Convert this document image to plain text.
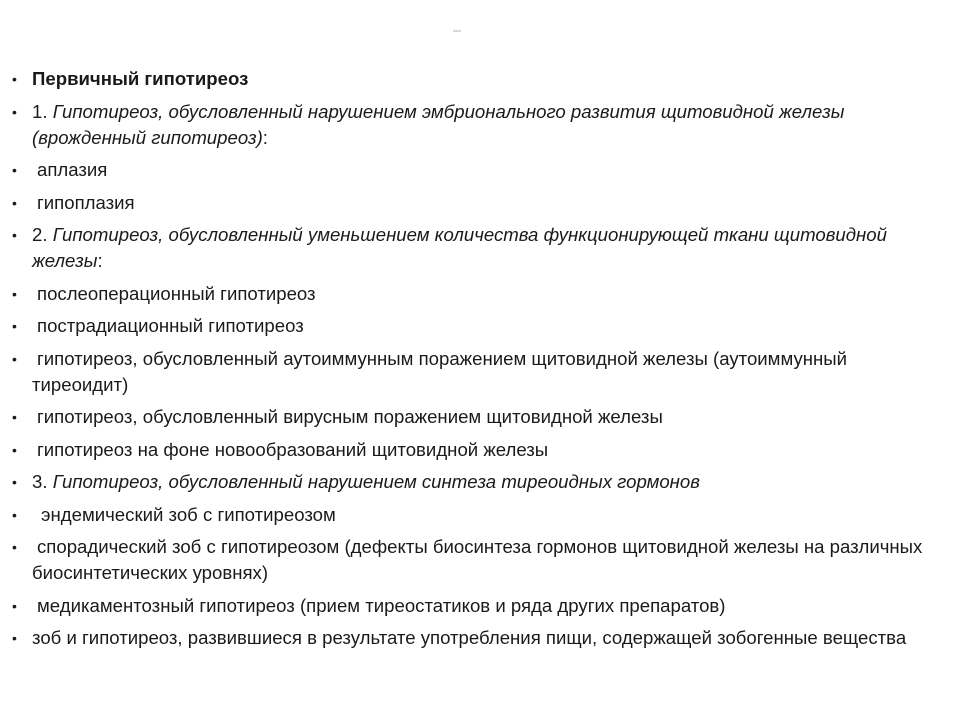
• Первичный гипотиреоз
• 1. Гипотиреоз, обусловленный нарушением эмбрионального развития щитовидной железы (врожденный гипотиреоз):
• аплазия
• гипоплазия
• 2. Гипотиреоз, обусловленный уменьшением количества функционирующей ткани щитовидной железы:
• послеоперационный гипотиреоз
• пострадиационный гипотиреоз
• гипотиреоз, обусловленный аутоиммунным поражением щитовидной железы (аутоиммунный тиреоидит)
• гипотиреоз, обусловленный вирусным поражением щитовидной железы
• гипотиреоз на фоне новообразований щитовидной железы
• 3. Гипотиреоз, обусловленный нарушением синтеза тиреоидных гормонов
• эндемический зоб с гипотиреозом
• спорадический зоб с гипотиреозом (дефекты биосинтеза гормонов щитовидной железы на различных биосинтетических уровнях)
• медикаментозный гипотиреоз (прием тиреостатиков и ряда других препаратов)
• зоб и гипотиреоз, развившиеся в результате употребления пищи, содержащей зобогенные вещества
